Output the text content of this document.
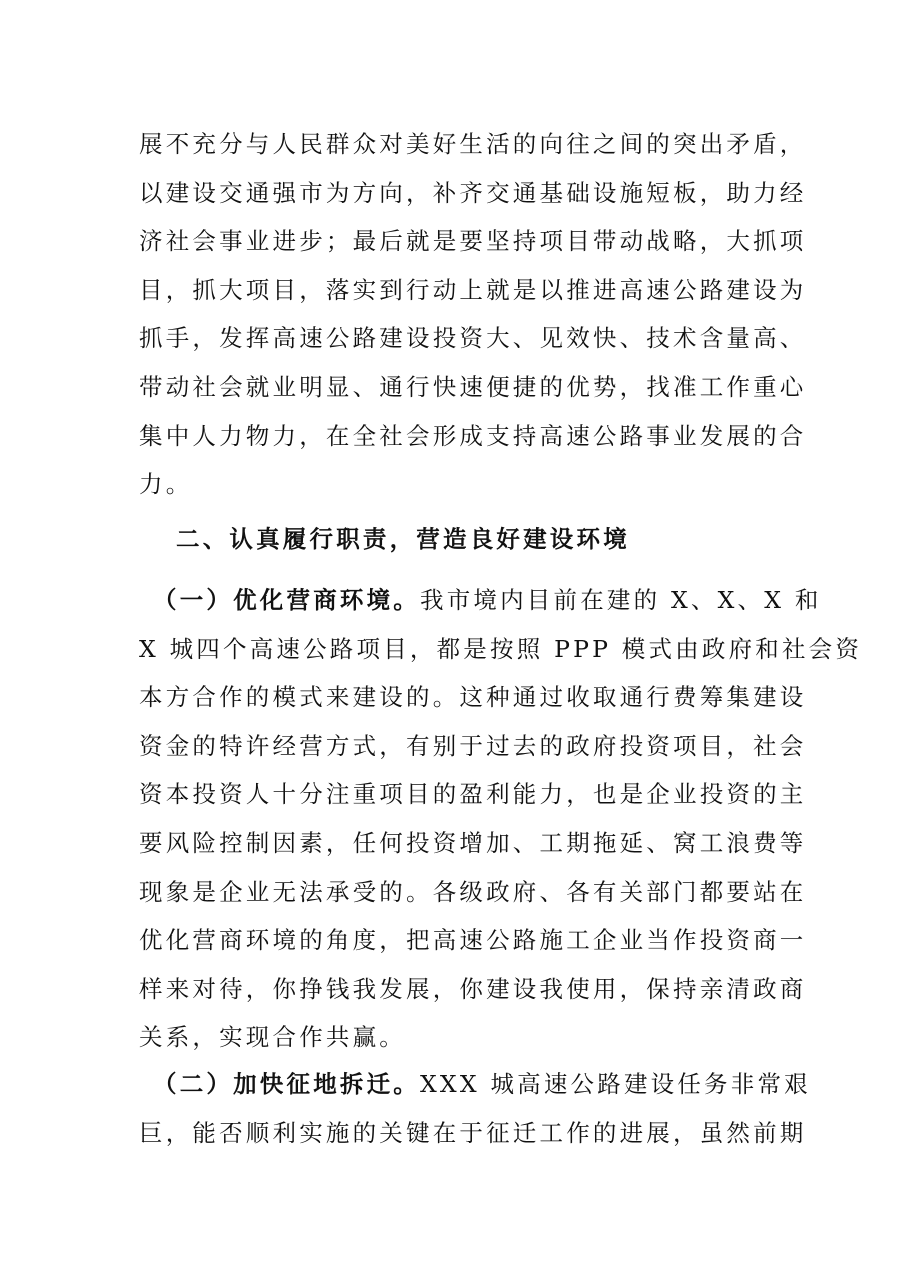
展不充分与人民群众对美好生活的向往之间的突出矛盾，
以建设交通强市为方向，补齐交通基础设施短板，助力经
济社会事业进步；最后就是要坚持项目带动战略，大抓项
目，抓大项目，落实到行动上就是以推进高速公路建设为
抓手，发挥高速公路建设投资大、见效快、技术含量高、
带动社会就业明显、通行快速便捷的优势，找准工作重心
集中人力物力，在全社会形成支持高速公路事业发展的合
力。
二、认真履行职责，营造良好建设环境
（一）优化营商环境。我市境内目前在建的 X、X、X 和
X 城四个高速公路项目，都是按照 PPP 模式由政府和社会资
本方合作的模式来建设的。这种通过收取通行费筹集建设
资金的特许经营方式，有别于过去的政府投资项目，社会
资本投资人十分注重项目的盈利能力，也是企业投资的主
要风险控制因素，任何投资增加、工期拖延、窝工浪费等
现象是企业无法承受的。各级政府、各有关部门都要站在
优化营商环境的角度，把高速公路施工企业当作投资商一
样来对待，你挣钱我发展，你建设我使用，保持亲清政商
关系，实现合作共赢。
（二）加快征地拆迁。XXX 城高速公路建设任务非常艰
巨，能否顺利实施的关键在于征迁工作的进展，虽然前期
